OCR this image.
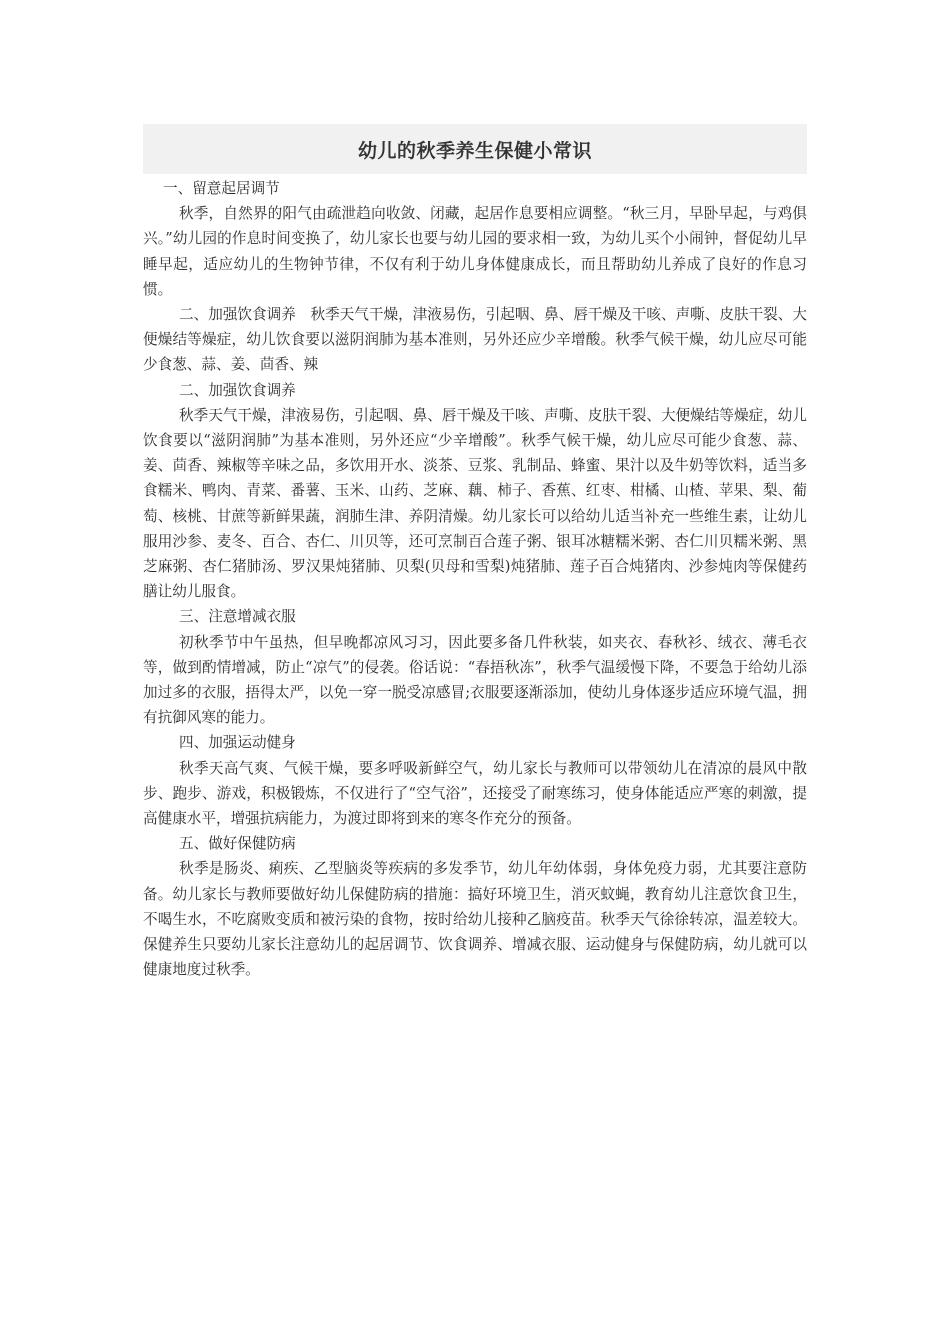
幼儿的秋季养生保健小常识

一、留意起居调节

秋季，自然界的阳气由疏泄趋向收敛、闭藏，起居作息要相应调整。“秋三月，早卧早起，与鸡俱兴。”幼儿园的作息时间变换了，幼儿家长也要与幼儿园的要求相一致，为幼儿买个小闹钟，督促幼儿早睡早起，适应幼儿的生物钟节律，不仅有利于幼儿身体健康成长，而且帮助幼儿养成了良好的作息习惯。

二、加强饮食调养　秋季天气干燥，津液易伤，引起咽、鼻、唇干燥及干咳、声嘶、皮肤干裂、大便燥结等燥症，幼儿饮食要以滋阴润肺为基本准则，另外还应少辛增酸。秋季气候干燥，幼儿应尽可能少食葱、蒜、姜、茴香、辣

二、加强饮食调养

秋季天气干燥，津液易伤，引起咽、鼻、唇干燥及干咳、声嘶、皮肤干裂、大便燥结等燥症，幼儿饮食要以“滋阴润肺”为基本准则，另外还应“少辛增酸”。秋季气候干燥，幼儿应尽可能少食葱、蒜、姜、茴香、辣椒等辛味之品，多饮用开水、淡茶、豆浆、乳制品、蜂蜜、果汁以及牛奶等饮料，适当多食糯米、鸭肉、青菜、番薯、玉米、山药、芝麻、藕、柿子、香蕉、红枣、柑橘、山楂、苹果、梨、葡萄、核桃、甘蔗等新鲜果蔬，润肺生津、养阴清燥。幼儿家长可以给幼儿适当补充一些维生素，让幼儿服用沙参、麦冬、百合、杏仁、川贝等，还可烹制百合莲子粥、银耳冰糖糯米粥、杏仁川贝糯米粥、黑芝麻粥、杏仁猪肺汤、罗汉果炖猪肺、贝梨(贝母和雪梨)炖猪肺、莲子百合炖猪肉、沙参炖肉等保健药膳让幼儿服食。

三、注意增减衣服

初秋季节中午虽热，但早晚都凉风习习，因此要多备几件秋装，如夹衣、春秋衫、绒衣、薄毛衣等，做到酌情增减，防止“凉气”的侵袭。俗话说：“春捂秋冻”，秋季气温缓慢下降，不要急于给幼儿添加过多的衣服，捂得太严，以免一穿一脱受凉感冒;衣服要逐渐添加，使幼儿身体逐步适应环境气温，拥有抗御风寒的能力。

四、加强运动健身

秋季天高气爽、气候干燥，要多呼吸新鲜空气，幼儿家长与教师可以带领幼儿在清凉的晨风中散步、跑步、游戏，积极锻炼，不仅进行了“空气浴”，还接受了耐寒练习，使身体能适应严寒的刺激，提高健康水平，增强抗病能力，为渡过即将到来的寒冬作充分的预备。

五、做好保健防病

秋季是肠炎、痢疾、乙型脑炎等疾病的多发季节，幼儿年幼体弱，身体免疫力弱，尤其要注意防备。幼儿家长与教师要做好幼儿保健防病的措施：搞好环境卫生，消灭蚊蝇，教育幼儿注意饮食卫生，不喝生水，不吃腐败变质和被污染的食物，按时给幼儿接种乙脑疫苗。秋季天气徐徐转凉，温差较大。保健养生只要幼儿家长注意幼儿的起居调节、饮食调养、增减衣服、运动健身与保健防病，幼儿就可以健康地度过秋季。
